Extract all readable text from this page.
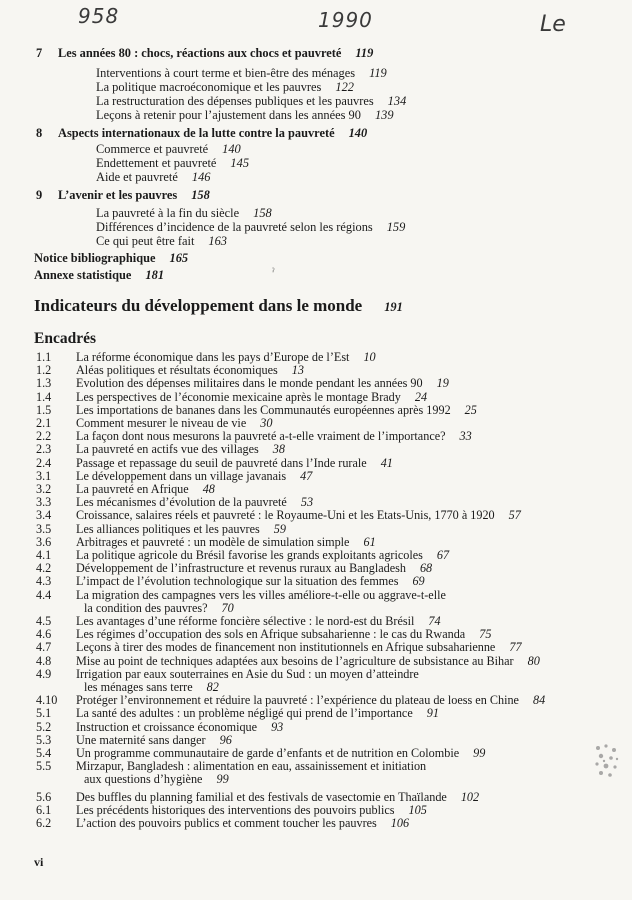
958	1990	Le
7 Les années 80 : chocs, réactions aux chocs et pauvreté 119
Interventions à court terme et bien-être des ménages 119
La politique macroéconomique et les pauvres 122
La restructuration des dépenses publiques et les pauvres 134
Leçons à retenir pour l’ajustement dans les années 90 139
8 Aspects internationaux de la lutte contre la pauvreté 140
Commerce et pauvreté 140
Endettement et pauvreté 145
Aide et pauvreté 146
9 L’avenir et les pauvres 158
La pauvreté à la fin du siècle 158
Différences d’incidence de la pauvreté selon les régions 159
Ce qui peut être fait 163
Notice bibliographique 165
Annexe statistique 181	ˀ
Indicateurs du développement dans le monde 191
Encadrés
1.1 La réforme économique dans les pays d’Europe de l’Est 10
1.2 Aléas politiques et résultats économiques 13
1.3 Evolution des dépenses militaires dans le monde pendant les années 90 19
1.4 Les perspectives de l’économie mexicaine après le montage Brady 24
1.5 Les importations de bananes dans les Communautés européennes après 1992 25
2.1 Comment mesurer le niveau de vie 30
2.2 La façon dont nous mesurons la pauvreté a-t-elle vraiment de l’importance? 33
2.3 La pauvreté en actifs vue des villages 38
2.4 Passage et repassage du seuil de pauvreté dans l’Inde rurale 41
3.1 Le développement dans un village javanais 47
3.2 La pauvreté en Afrique 48
3.3 Les mécanismes d’évolution de la pauvreté 53
3.4 Croissance, salaires réels et pauvreté : le Royaume-Uni et les Etats-Unis, 1770 à 1920 57
3.5 Les alliances politiques et les pauvres 59
3.6 Arbitrages et pauvreté : un modèle de simulation simple 61
4.1 La politique agricole du Brésil favorise les grands exploitants agricoles 67
4.2 Développement de l’infrastructure et revenus ruraux au Bangladesh 68
4.3 L’impact de l’évolution technologique sur la situation des femmes 69
4.4 La migration des campagnes vers les villes améliore-t-elle ou aggrave-t-elle
la condition des pauvres? 70
4.5 Les avantages d’une réforme foncière sélective : le nord-est du Brésil 74
4.6 Les régimes d’occupation des sols en Afrique subsaharienne : le cas du Rwanda 75
4.7 Leçons à tirer des modes de financement non institutionnels en Afrique subsaharienne 77
4.8 Mise au point de techniques adaptées aux besoins de l’agriculture de subsistance au Bihar 80
4.9 Irrigation par eaux souterraines en Asie du Sud : un moyen d’atteindre
les ménages sans terre 82
4.10 Protéger l’environnement et réduire la pauvreté : l’expérience du plateau de loess en Chine 84
5.1 La santé des adultes : un problème négligé qui prend de l’importance 91
5.2 Instruction et croissance économique 93
5.3 Une maternité sans danger 96
5.4 Un programme communautaire de garde d’enfants et de nutrition en Colombie 99
5.5 Mirzapur, Bangladesh : alimentation en eau, assainissement et initiation
aux questions d’hygiène 99
5.6 Des buffles du planning familial et des festivals de vasectomie en Thaïlande 102
6.1 Les précédents historiques des interventions des pouvoirs publics 105
6.2 L’action des pouvoirs publics et comment toucher les pauvres 106
vi
